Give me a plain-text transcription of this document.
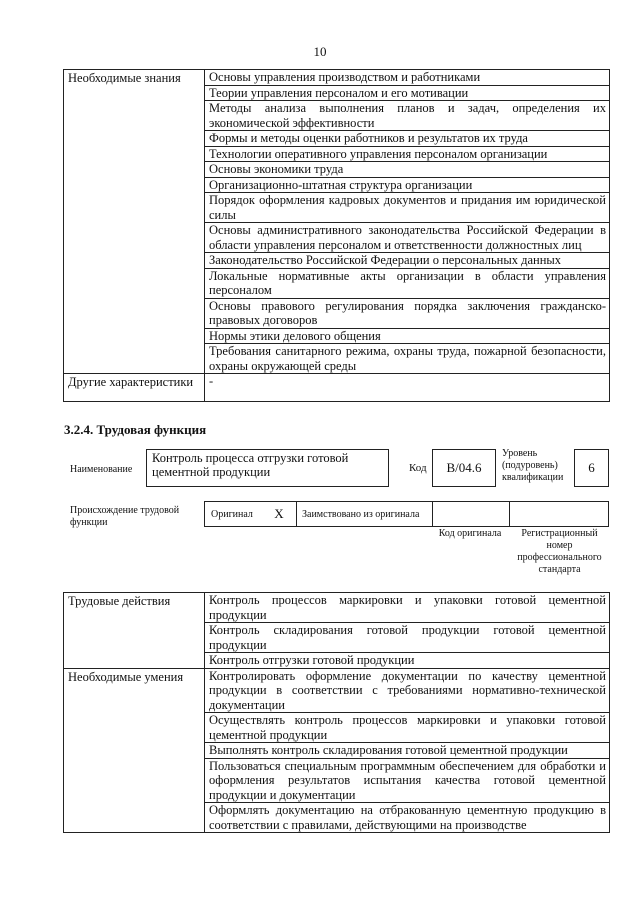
10
Необходимые знания	Основы управления производством и работниками
	Теории управления персоналом и его мотивации
	Методы анализа выполнения планов и задач, определения их экономической эффективности
	Формы и методы оценки работников и результатов их труда
	Технологии оперативного управления персоналом организации
	Основы экономики труда
	Организационно-штатная структура организации
	Порядок оформления кадровых документов и придания им юридической силы
	Основы административного законодательства Российской Федерации в области управления персоналом и ответственности должностных лиц
	Законодательство Российской Федерации о персональных данных
	Локальные нормативные акты организации в области управления персоналом
	Основы правового регулирования порядка заключения гражданско-правовых договоров
	Нормы этики делового общения
	Требования санитарного режима, охраны труда, пожарной безопасности, охраны окружающей среды
Другие характеристики	-
3.2.4. Трудовая функция
Наименование
Контроль процесса отгрузки готовой цементной продукции	Код	B/04.6
Уровень (подуровень) квалификации
6
Происхождение трудовой функции
Оригинал	X	Заимствовано из оригинала
Код оригинала	Регистрационный номер профессионального стандарта
Трудовые действия	Контроль процессов маркировки и упаковки готовой цементной продукции
	Контроль складирования готовой продукции готовой цементной продукции
	Контроль отгрузки готовой продукции
Необходимые умения	Контролировать оформление документации по качеству цементной продукции в соответствии с требованиями нормативно-технической документации
	Осуществлять контроль процессов маркировки и упаковки готовой цементной продукции
	Выполнять контроль складирования готовой цементной продукции
	Пользоваться специальным программным обеспечением для обработки и оформления результатов испытания качества готовой цементной продукции и документации
	Оформлять документацию на отбракованную цементную продукцию в соответствии с правилами, действующими на производстве
